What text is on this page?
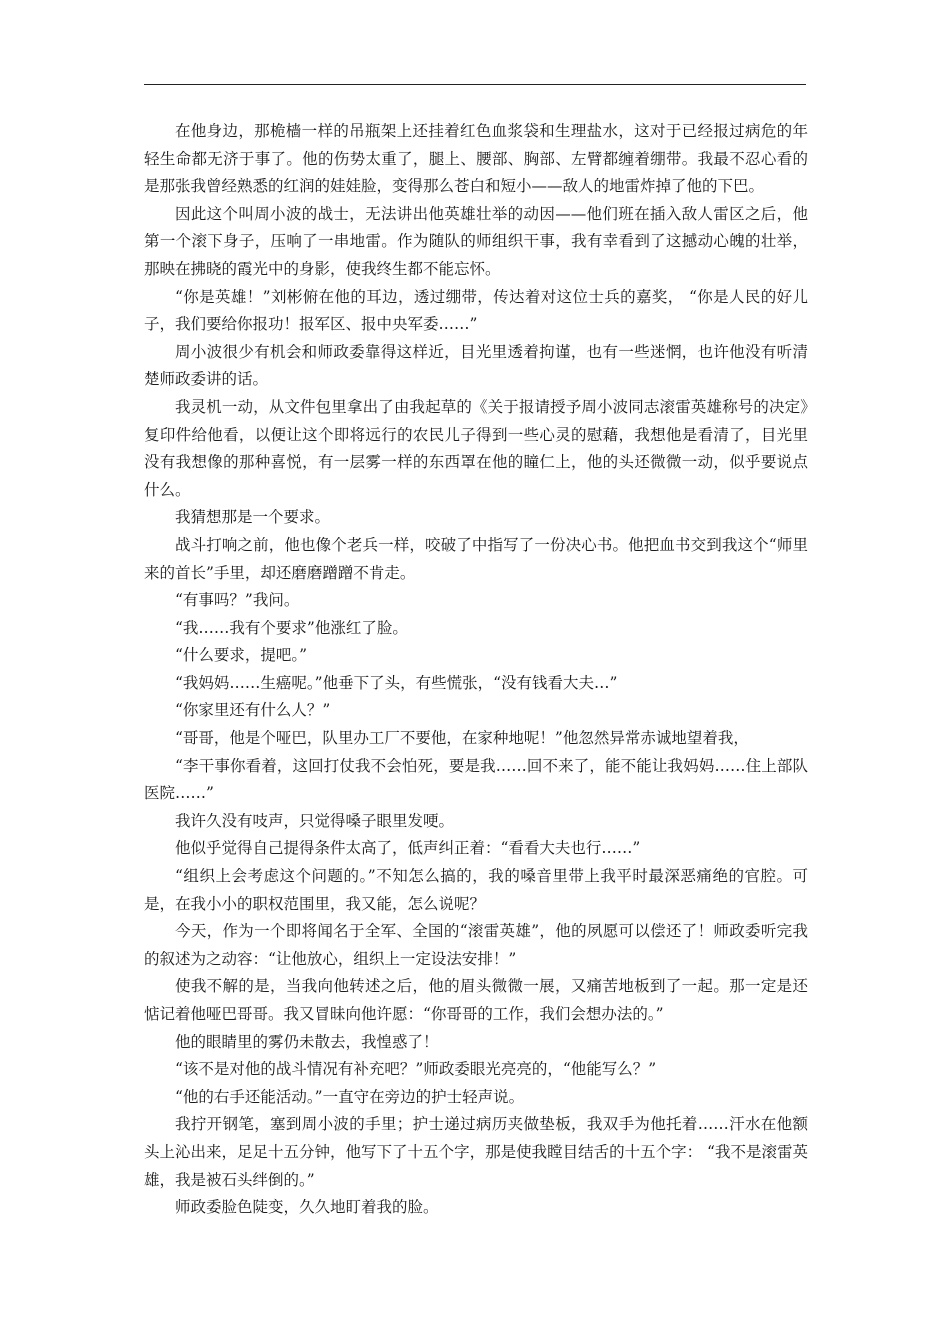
在他身边，那桅樯一样的吊瓶架上还挂着红色血浆袋和生理盐水，这对于已经报过病危的年轻生命都无济于事了。他的伤势太重了，腿上、腰部、胸部、左臂都缠着绷带。我最不忍心看的是那张我曾经熟悉的红润的娃娃脸，变得那么苍白和短小——敌人的地雷炸掉了他的下巴。

因此这个叫周小波的战士，无法讲出他英雄壮举的动因——他们班在插入敌人雷区之后，他第一个滚下身子，压响了一串地雷。作为随队的师组织干事，我有幸看到了这撼动心魄的壮举，那映在拂晓的霞光中的身影，使我终生都不能忘怀。

“你是英雄！”刘彬俯在他的耳边，透过绷带，传达着对这位士兵的嘉奖， “你是人民的好儿子，我们要给你报功！报军区、报中央军委……”

周小波很少有机会和师政委靠得这样近，目光里透着拘谨，也有一些迷惘，也许他没有听清楚师政委讲的话。

我灵机一动，从文件包里拿出了由我起草的《关于报请授予周小波同志滚雷英雄称号的决定》复印件给他看，以便让这个即将远行的农民儿子得到一些心灵的慰藉，我想他是看清了，目光里没有我想像的那种喜悦，有一层雾一样的东西罩在他的瞳仁上，他的头还微微一动，似乎要说点什么。

我猜想那是一个要求。

战斗打响之前，他也像个老兵一样，咬破了中指写了一份决心书。他把血书交到我这个“师里来的首长”手里，却还磨磨蹭蹭不肯走。

“有事吗？”我问。

“我……我有个要求”他涨红了脸。

“什么要求，提吧。”

“我妈妈……生癌呢。”他垂下了头，有些慌张，“没有钱看大夫…”

“你家里还有什么人？”

“哥哥，他是个哑巴，队里办工厂不要他，在家种地呢！”他忽然异常赤诚地望着我，

“李干事你看着，这回打仗我不会怕死，要是我……回不来了，能不能让我妈妈……住上部队医院……”

我许久没有吱声，只觉得嗓子眼里发哽。

他似乎觉得自己提得条件太高了，低声纠正着：“看看大夫也行……”

“组织上会考虑这个问题的。”不知怎么搞的，我的嗓音里带上我平时最深恶痛绝的官腔。可是，在我小小的职权范围里，我又能，怎么说呢？

今天，作为一个即将闻名于全军、全国的“滚雷英雄”，他的夙愿可以偿还了！师政委听完我的叙述为之动容：“让他放心，组织上一定设法安排！”

使我不解的是，当我向他转述之后，他的眉头微微一展，又痛苦地板到了一起。那一定是还惦记着他哑巴哥哥。我又冒昧向他许愿：“你哥哥的工作，我们会想办法的。”

他的眼睛里的雾仍未散去，我惶惑了！

“该不是对他的战斗情况有补充吧？”师政委眼光亮亮的，“他能写么？”

“他的右手还能活动。”一直守在旁边的护士轻声说。

我拧开钢笔，塞到周小波的手里；护士递过病历夹做垫板，我双手为他托着……汗水在他额头上沁出来，足足十五分钟，他写下了十五个字，那是使我瞠目结舌的十五个字： “我不是滚雷英雄，我是被石头绊倒的。”

师政委脸色陡变，久久地盯着我的脸。
